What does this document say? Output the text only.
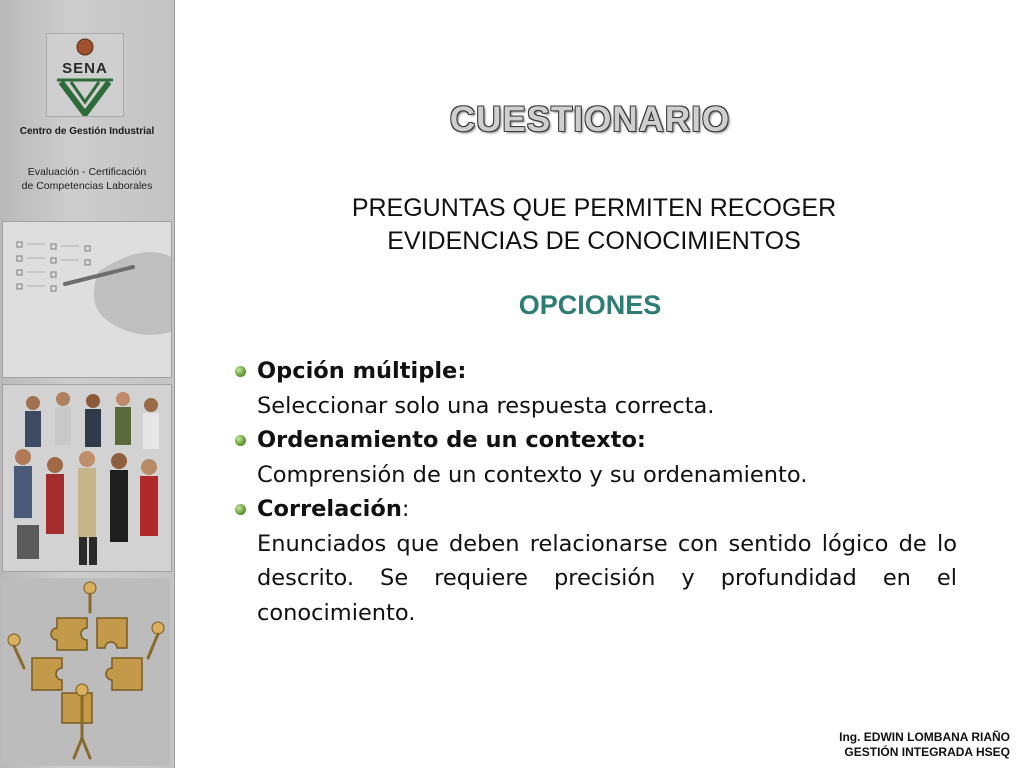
SENA
Centro de Gestión Industrial
Evaluación - Certificación
de Competencias Laborales
CUESTIONARIO
PREGUNTAS QUE PERMITEN RECOGER
EVIDENCIAS DE CONOCIMIENTOS
OPCIONES
Opción múltiple:
Seleccionar solo una respuesta correcta.
Ordenamiento de un contexto:
Comprensión de un contexto y su ordenamiento.
Correlación :
Enunciados que deben relacionarse con sentido lógico de lo descrito. Se requiere precisión y profundidad en el conocimiento.
Ing. EDWIN LOMBANA RIAÑO
GESTIÓN INTEGRADA HSEQ
